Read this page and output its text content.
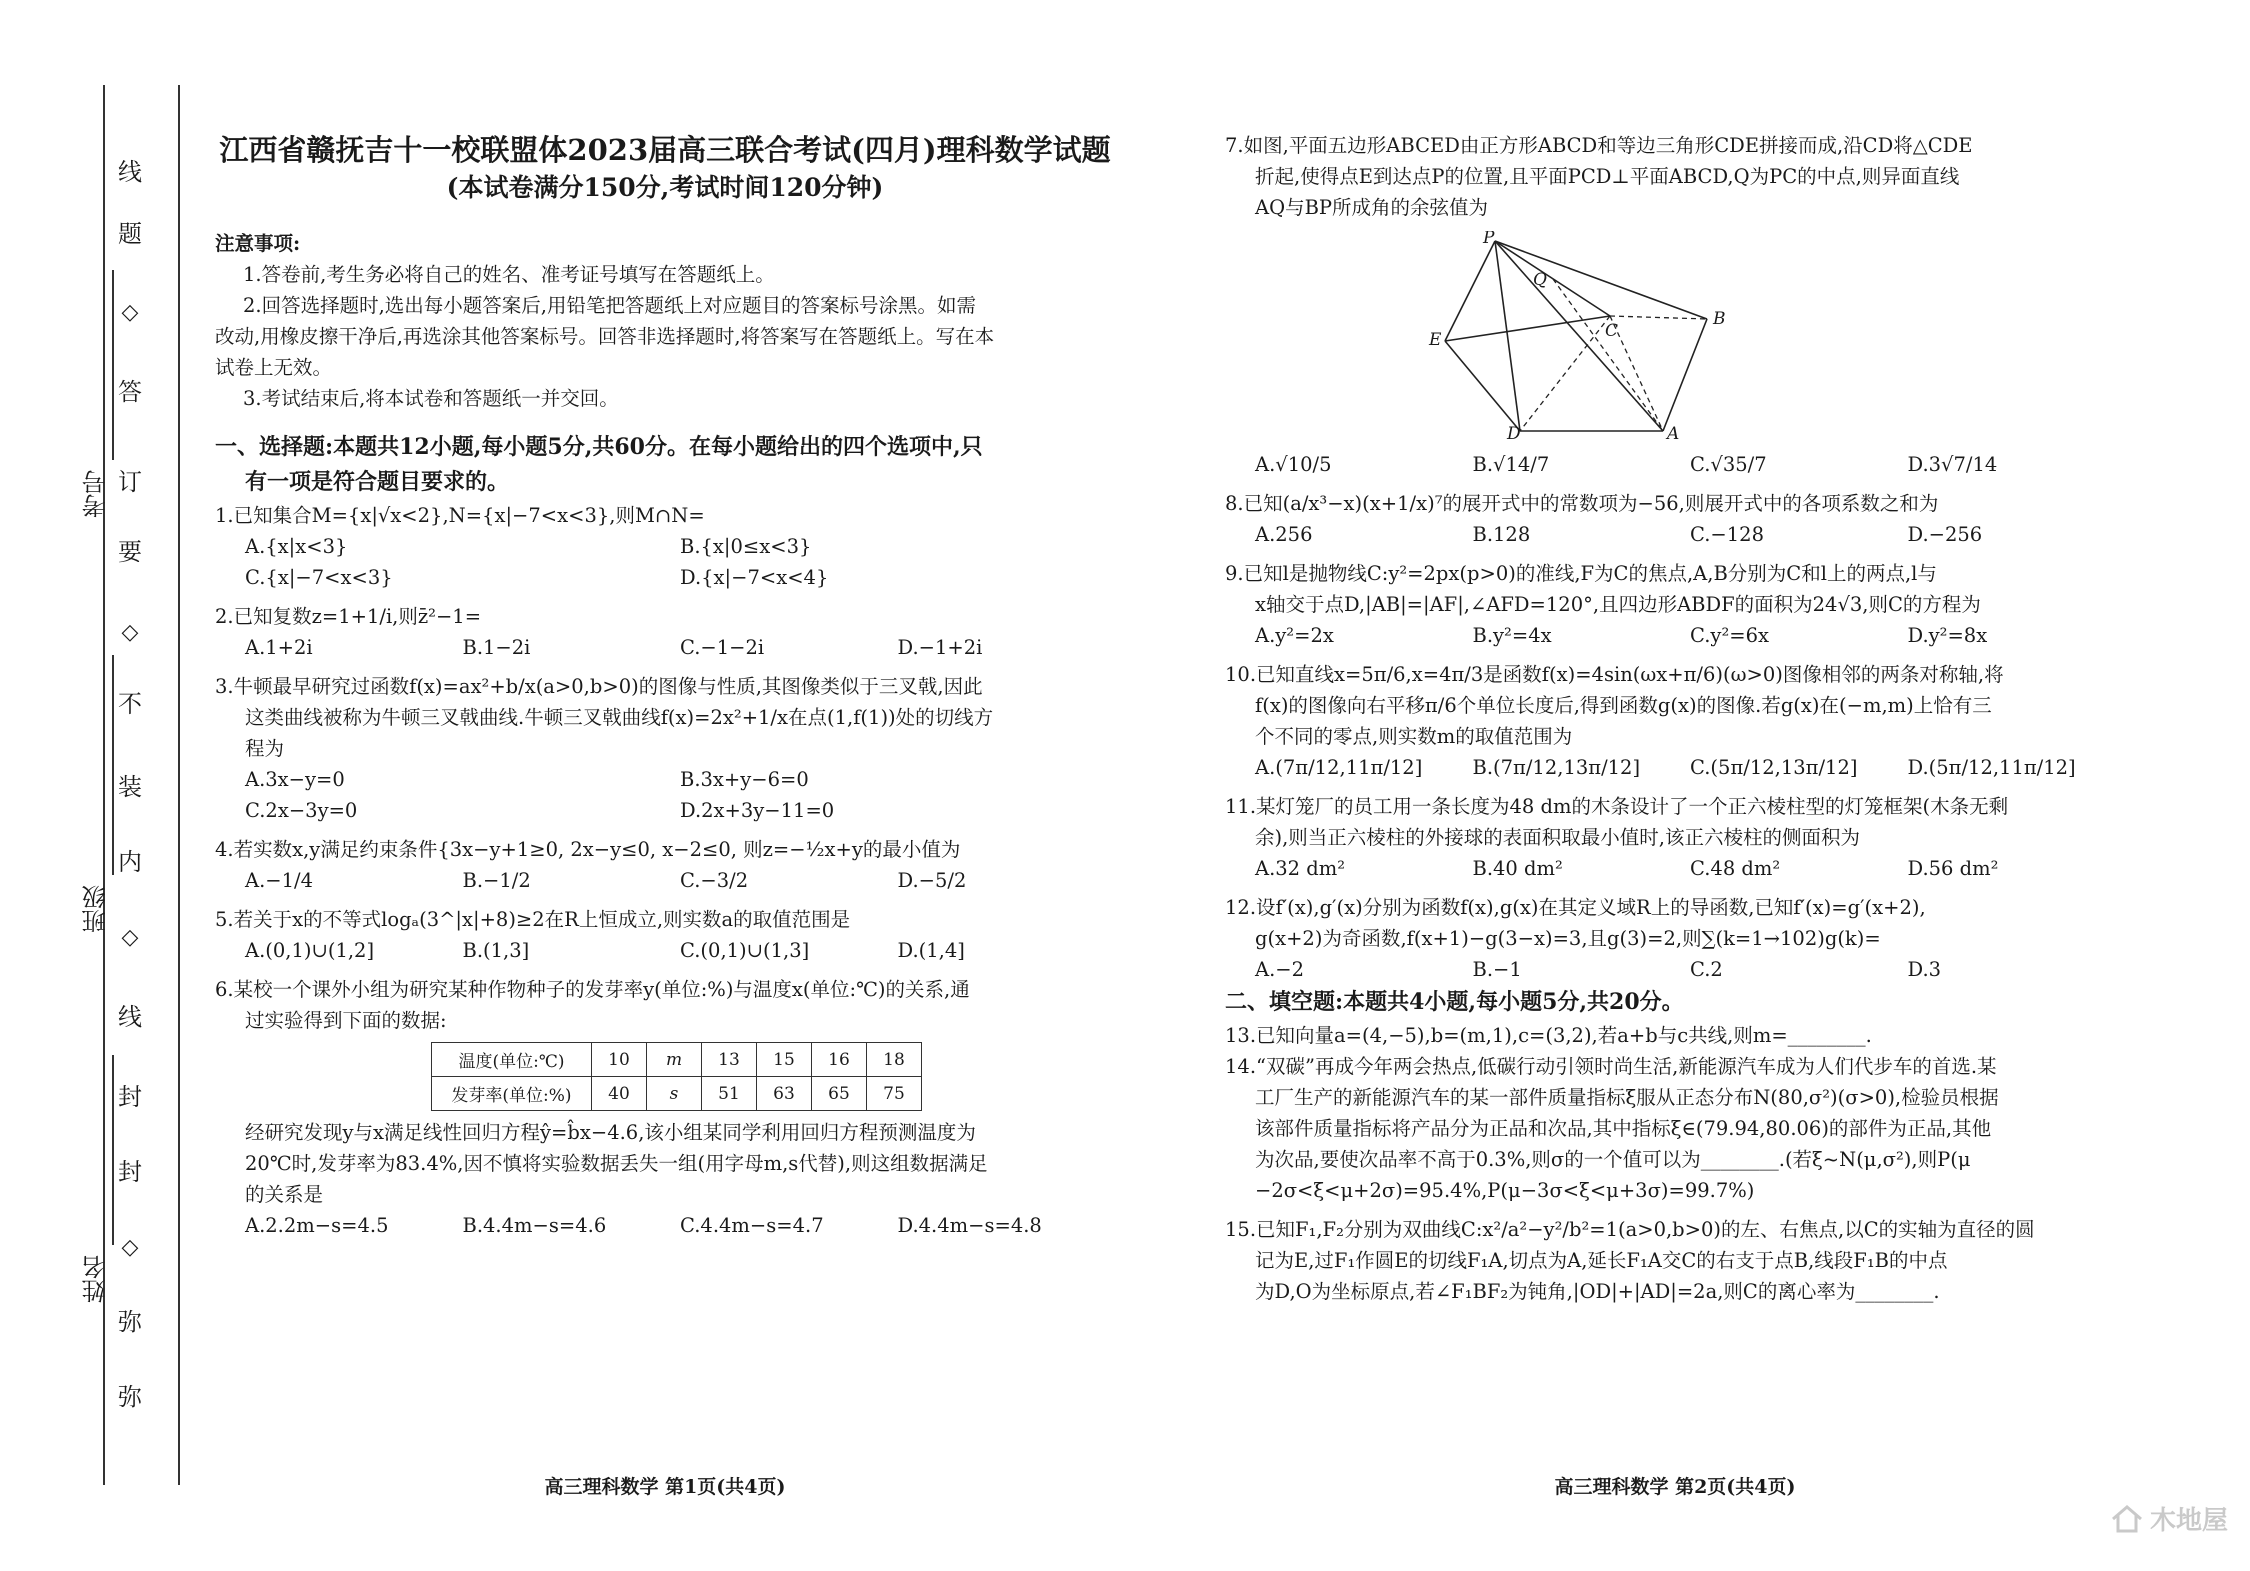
线
题
◇
答
订
要
◇
不
装
内
◇
线
封
封
◇
弥
弥
考号
班级
姓名
江西省赣抚吉十一校联盟体2023届高三联合考试(四月)理科数学试题
(本试卷满分150分,考试时间120分钟)
注意事项:
1.答卷前,考生务必将自己的姓名、准考证号填写在答题纸上。
2.回答选择题时,选出每小题答案后,用铅笔把答题纸上对应题目的答案标号涂黑。如需
改动,用橡皮擦干净后,再选涂其他答案标号。回答非选择题时,将答案写在答题纸上。写在本
试卷上无效。
3.考试结束后,将本试卷和答题纸一并交回。
一、选择题:本题共12小题,每小题5分,共60分。在每小题给出的四个选项中,只
有一项是符合题目要求的。
1.已知集合M={x|√x<2},N={x|−7<x<3},则M∩N=
A.{x|x<3}	B.{x|0≤x<3}
C.{x|−7<x<3}	D.{x|−7<x<4}
2.已知复数z=1+1/i,则z̄²−1=
A.1+2i	B.1−2i	C.−1−2i	D.−1+2i
3.牛顿最早研究过函数f(x)=ax²+b/x(a>0,b>0)的图像与性质,其图像类似于三叉戟,因此
这类曲线被称为牛顿三叉戟曲线.牛顿三叉戟曲线f(x)=2x²+1/x在点(1,f(1))处的切线方
程为
A.3x−y=0	B.3x+y−6=0
C.2x−3y=0	D.2x+3y−11=0
4.若实数x,y满足约束条件{3x−y+1≥0, 2x−y≤0, x−2≤0, 则z=−½x+y的最小值为
A.−1/4	B.−1/2	C.−3/2	D.−5/2
5.若关于x的不等式logₐ(3^|x|+8)≥2在R上恒成立,则实数a的取值范围是
A.(0,1)∪(1,2]	B.(1,3]	C.(0,1)∪(1,3]	D.(1,4]
6.某校一个课外小组为研究某种作物种子的发芽率y(单位:%)与温度x(单位:℃)的关系,通
过实验得到下面的数据:
温度(单位:℃)	10	m	13	15	16	18
发芽率(单位:%)	40	s	51	63	65	75
经研究发现y与x满足线性回归方程ŷ=b̂x−4.6,该小组某同学利用回归方程预测温度为
20℃时,发芽率为83.4%,因不慎将实验数据丢失一组(用字母m,s代替),则这组数据满足
的关系是
A.2.2m−s=4.5	B.4.4m−s=4.6	C.4.4m−s=4.7	D.4.4m−s=4.8
高三理科数学 第1页(共4页)
7.如图,平面五边形ABCED由正方形ABCD和等边三角形CDE拼接而成,沿CD将△CDE
折起,使得点E到达点P的位置,且平面PCD⊥平面ABCD,Q为PC的中点,则异面直线
AQ与BP所成角的余弦值为
P
Q
C
B
E
D	A
A.√10/5	B.√14/7	C.√35/7	D.3√7/14
8.已知(a/x³−x)(x+1/x)⁷的展开式中的常数项为−56,则展开式中的各项系数之和为
A.256	B.128	C.−128	D.−256
9.已知l是抛物线C:y²=2px(p>0)的准线,F为C的焦点,A,B分别为C和l上的两点,l与
x轴交于点D,|AB|=|AF|,∠AFD=120°,且四边形ABDF的面积为24√3,则C的方程为
A.y²=2x	B.y²=4x	C.y²=6x	D.y²=8x
10.已知直线x=5π/6,x=4π/3是函数f(x)=4sin(ωx+π/6)(ω>0)图像相邻的两条对称轴,将
f(x)的图像向右平移π/6个单位长度后,得到函数g(x)的图像.若g(x)在(−m,m)上恰有三
个不同的零点,则实数m的取值范围为
A.(7π/12,11π/12]	B.(7π/12,13π/12]	C.(5π/12,13π/12]	D.(5π/12,11π/12]
11.某灯笼厂的员工用一条长度为48 dm的木条设计了一个正六棱柱型的灯笼框架(木条无剩
余),则当正六棱柱的外接球的表面积取最小值时,该正六棱柱的侧面积为
A.32 dm²	B.40 dm²	C.48 dm²	D.56 dm²
12.设f′(x),g′(x)分别为函数f(x),g(x)在其定义域R上的导函数,已知f′(x)=g′(x+2),
g(x+2)为奇函数,f(x+1)−g(3−x)=3,且g(3)=2,则∑(k=1→102)g(k)=
A.−2	B.−1	C.2	D.3
二、填空题:本题共4小题,每小题5分,共20分。
13.已知向量a=(4,−5),b=(m,1),c=(3,2),若a+b与c共线,则m=________.
14.“双碳”再成今年两会热点,低碳行动引领时尚生活,新能源汽车成为人们代步车的首选.某
工厂生产的新能源汽车的某一部件质量指标ξ服从正态分布N(80,σ²)(σ>0),检验员根据
该部件质量指标将产品分为正品和次品,其中指标ξ∈(79.94,80.06)的部件为正品,其他
为次品,要使次品率不高于0.3%,则σ的一个值可以为________.(若ξ~N(μ,σ²),则P(μ
−2σ<ξ<μ+2σ)=95.4%,P(μ−3σ<ξ<μ+3σ)=99.7%)
15.已知F₁,F₂分别为双曲线C:x²/a²−y²/b²=1(a>0,b>0)的左、右焦点,以C的实轴为直径的圆
记为E,过F₁作圆E的切线F₁A,切点为A,延长F₁A交C的右支于点B,线段F₁B的中点
为D,O为坐标原点,若∠F₁BF₂为钝角,|OD|+|AD|=2a,则C的离心率为________.
高三理科数学 第2页(共4页)
木地屋
